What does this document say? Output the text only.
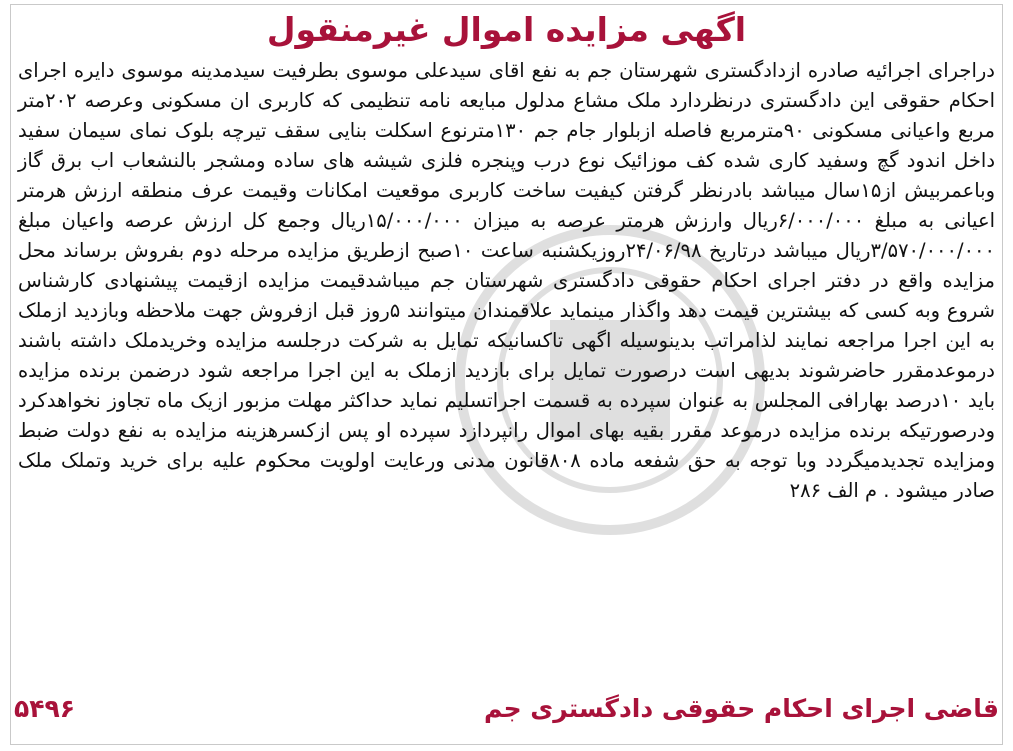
اگهی مزایده اموال غیرمنقول

دراجرای اجرائیه صادره ازدادگستری شهرستان جم به نفع اقای سیدعلی موسوی بطرفیت سیدمدینه موسوی دایره اجرای احکام حقوقی این دادگستری درنظردارد ملک مشاع مدلول مبایعه نامه تنظیمی که کاربری ان مسکونی وعرصه ۲۰۲متر مربع واعیانی مسکونی ۹۰مترمربع فاصله ازبلوار جام جم ۱۳۰مترنوع اسکلت بنایی سقف تیرچه بلوک نمای سیمان سفید داخل اندود گچ وسفید کاری شده کف موزائیک نوع درب وپنجره فلزی شیشه های ساده ومشجر بالنشعاب اب برق گاز وباعمربیش از۱۵سال میباشد بادرنظر گرفتن کیفیت ساخت کاربری موقعیت امکانات وقیمت عرف منطقه ارزش هرمتر اعیانی به مبلغ ۶/۰۰۰/۰۰۰ریال وارزش هرمتر عرصه به میزان ۱۵/۰۰۰/۰۰۰ریال وجمع کل ارزش عرصه واعیان مبلغ ۳/۵۷۰/۰۰۰/۰۰۰ریال میباشد درتاریخ ۲۴/۰۶/۹۸روزیکشنبه ساعت ۱۰صبح ازطریق مزایده مرحله دوم بفروش برساند محل مزایده واقع در دفتر اجرای احکام حقوقی دادگستری شهرستان جم میباشدقیمت مزایده ازقیمت پیشنهادی کارشناس شروع وبه کسی که بیشترین قیمت دهد واگذار مینماید علاقمندان میتوانند ۵روز قبل ازفروش جهت ملاحظه وبازدید ازملک به این اجرا مراجعه نمایند لذامراتب بدینوسیله اگهی تاکسانیکه تمایل به شرکت درجلسه مزایده وخریدملک داشته باشند درموعدمقرر حاضرشوند بدیهی است درصورت تمایل برای بازدید ازملک به این اجرا مراجعه شود درضمن برنده مزایده باید ۱۰درصد بهارافی المجلس به عنوان سپرده به قسمت اجراتسلیم نماید حداکثر مهلت مزبور ازیک ماه تجاوز نخواهدکرد ودرصورتیکه برنده مزایده درموعد مقرر بقیه بهای اموال رانپردازد سپرده او پس ازکسرهزینه مزایده به نفع دولت ضبط ومزایده تجدیدمیگردد وبا توجه به حق شفعه ماده ۸۰۸قانون مدنی ورعایت اولویت محکوم علیه برای خرید وتملک ملک صادر میشود . م الف ۲۸۶

قاضی اجرای احکام حقوقی دادگستری جم
۵۴۹۶
